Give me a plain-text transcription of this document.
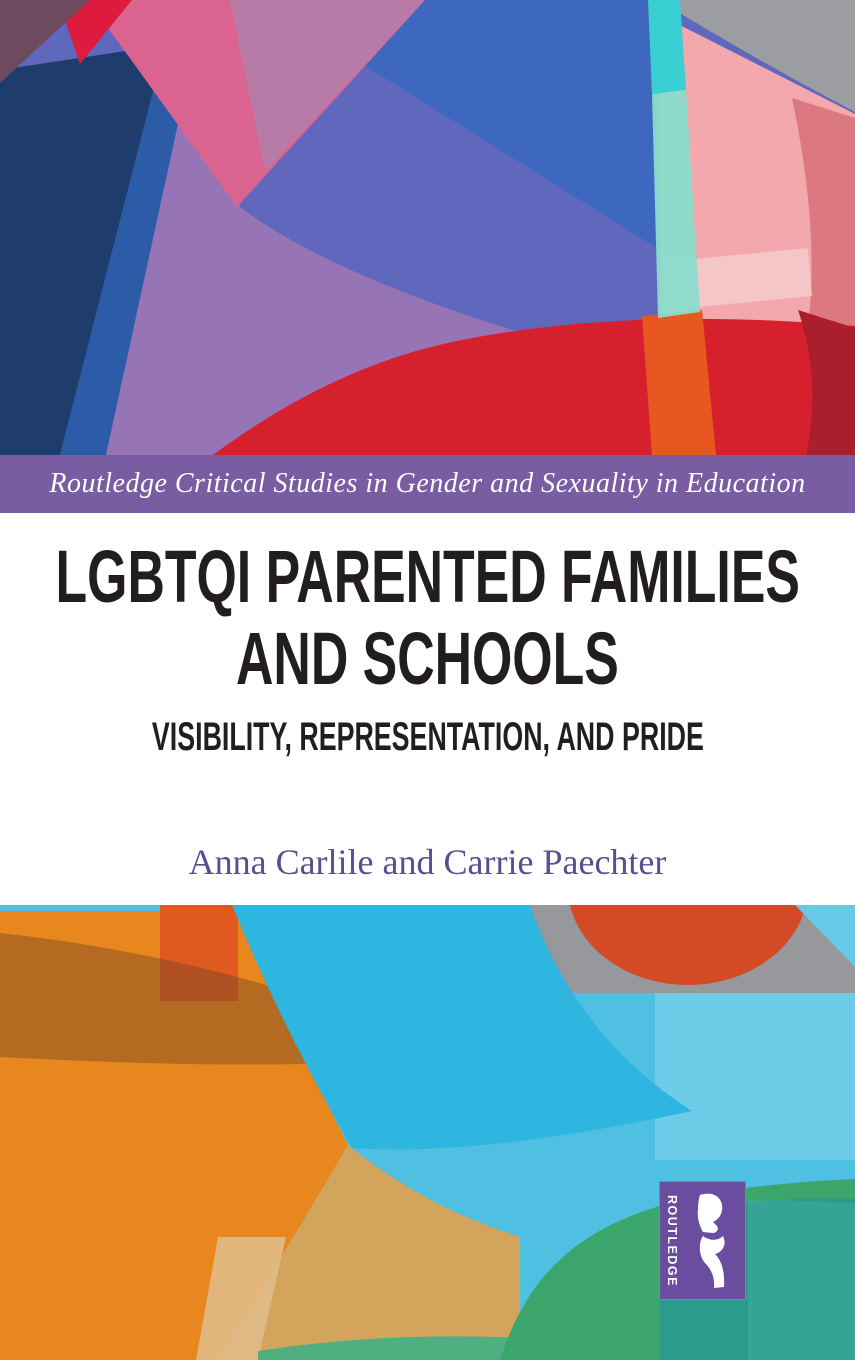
Routledge Critical Studies in Gender and Sexuality in Education
LGBTQI PARENTED FAMILIES
AND SCHOOLS
VISIBILITY, REPRESENTATION, AND PRIDE
Anna Carlile and Carrie Paechter
ROUTLEDGE
